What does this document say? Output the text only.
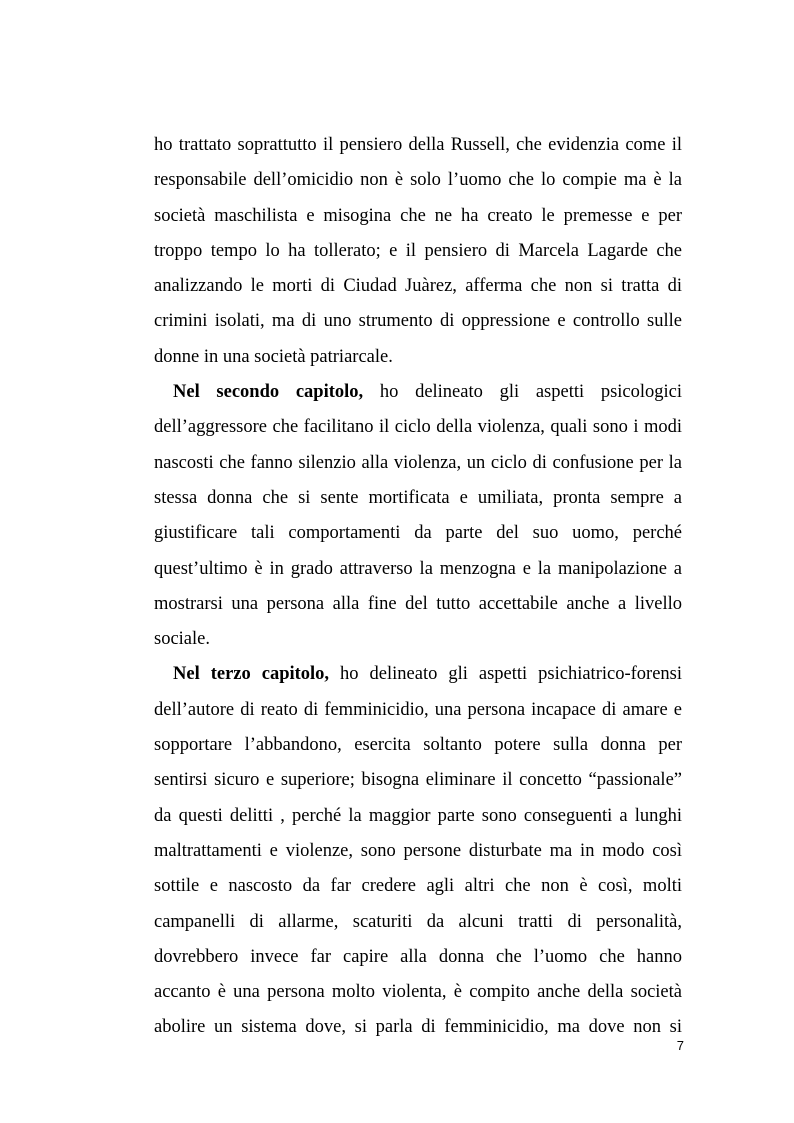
ho trattato soprattutto il pensiero della Russell, che evidenzia come il
responsabile dell’omicidio non è solo l’uomo che lo compie ma è la
società maschilista e misogina che ne ha creato le premesse e per
troppo tempo lo ha tollerato; e il pensiero di Marcela Lagarde che
analizzando le morti di Ciudad Juàrez, afferma che non si tratta di
crimini isolati, ma di uno strumento di oppressione e controllo sulle
donne in una società patriarcale.
Nel secondo capitolo, ho delineato gli aspetti psicologici
dell’aggressore che facilitano il ciclo della violenza, quali sono i modi
nascosti che fanno silenzio alla violenza, un ciclo di confusione per la
stessa donna che si sente mortificata e umiliata, pronta sempre a
giustificare tali comportamenti da parte del suo uomo, perché
quest’ultimo è in grado attraverso la menzogna e la manipolazione a
mostrarsi una persona alla fine del tutto accettabile anche a livello
sociale.
Nel terzo capitolo, ho delineato gli aspetti psichiatrico-forensi
dell’autore di reato di femminicidio, una persona incapace di amare e
sopportare l’abbandono, esercita soltanto potere sulla donna per
sentirsi sicuro e superiore; bisogna eliminare il concetto “passionale”
da questi delitti , perché la maggior parte sono conseguenti a lunghi
maltrattamenti e violenze, sono persone disturbate ma in modo così
sottile e nascosto da far credere agli altri che non è così, molti
campanelli di allarme, scaturiti da alcuni tratti di personalità,
dovrebbero invece far capire alla donna che l’uomo che hanno
accanto è una persona molto violenta, è compito anche della società
abolire un sistema dove, si parla di femminicidio, ma dove non si
7
